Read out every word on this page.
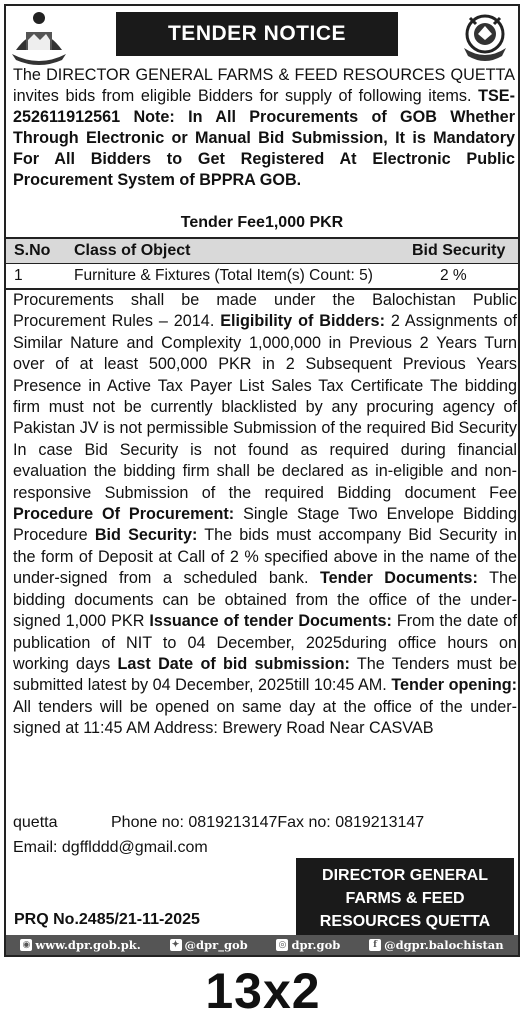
TENDER NOTICE
The DIRECTOR GENERAL FARMS & FEED RESOURCES QUETTA invites bids from eligible Bidders for supply of following items. TSE-252611912561 Note: In All Procurements of GOB Whether Through Electronic or Manual Bid Submission, It is Mandatory For All Bidders to Get Registered At Electronic Public Procurement System of BPPRA GOB.
Tender Fee1,000 PKR
S.No	Class of Object	Bid Security
1	Furniture & Fixtures (Total Item(s) Count: 5)	2 %
Procurements shall be made under the Balochistan Public Procurement Rules – 2014. Eligibility of Bidders: 2 Assignments of Similar Nature and Complexity 1,000,000 in Previous 2 Years Turn over of at least 500,000 PKR in 2 Subsequent Previous Years Presence in Active Tax Payer List Sales Tax Certificate The bidding firm must not be currently blacklisted by any procuring agency of Pakistan JV is not permissible Submission of the required Bid Security In case Bid Security is not found as required during financial evaluation the bidding firm shall be declared as in-eligible and non-responsive Submission of the required Bidding document Fee Procedure Of Procurement: Single Stage Two Envelope Bidding Procedure Bid Security: The bids must accompany Bid Security in the form of Deposit at Call of 2 % specified above in the name of the under-signed from a scheduled bank. Tender Documents: The bidding documents can be obtained from the office of the under-signed 1,000 PKR Issuance of tender Documents: From the date of publication of NIT to 04 December, 2025during office hours on working days Last Date of bid submission: The Tenders must be submitted latest by 04 December, 2025till 10:45 AM. Tender opening: All tenders will be opened on same day at the office of the under-signed at 11:45 AM Address: Brewery Road Near CASVAB
quetta	Phone no: 0819213147Fax no: 0819213147
Email: dgfflddd@gmail.com
DIRECTOR GENERAL
FARMS & FEED
RESOURCES QUETTA
PRQ No.2485/21-11-2025
◉ www.dpr.gob.pk.	✦ @dpr_gob	◎ dpr.gob	f @dgpr.balochistan
13x2
